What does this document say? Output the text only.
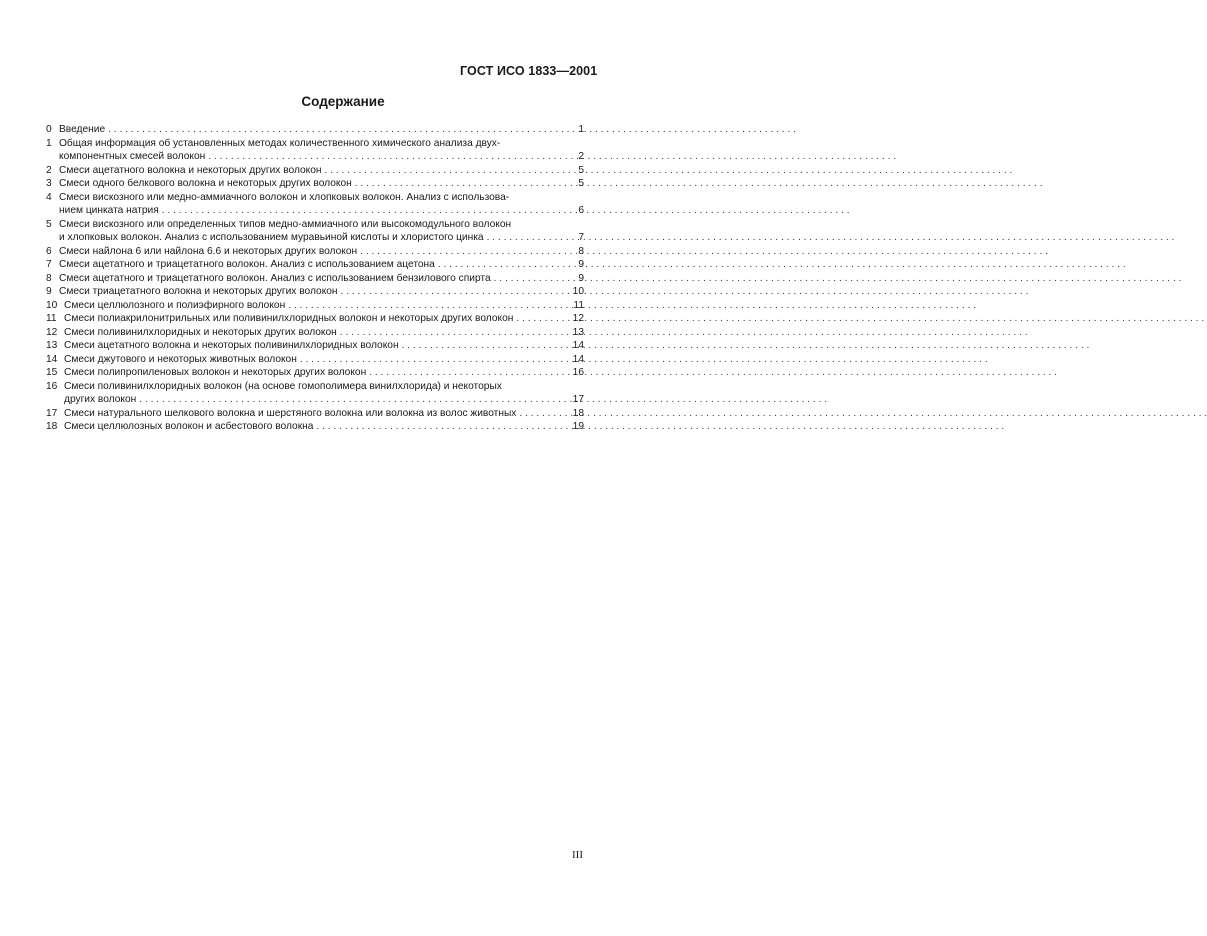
ГОСТ ИСО 1833—2001
Содержание
0 Введение . . .	1
1 Общая информация об установленных методах количественного химического анализа двух-
компонентных смесей волокон . . .	2
2 Смеси ацетатного волокна и некоторых других волокон . . .	5
3 Смеси одного белкового волокна и некоторых других волокон . . .	5
4 Смеси вискозного или медно-аммиачного волокон и хлопковых волокон. Анализ с использова-
нием цинката натрия . . .	6
5 Смеси вискозного или определенных типов медно-аммиачного или высокомодульного волокон
и хлопковых волокон. Анализ с использованием муравьиной кислоты и хлористого цинка . . .	7
6 Смеси найлона 6 или найлона 6.6 и некоторых других волокон . . .	8
7 Смеси ацетатного и триацетатного волокон. Анализ с использованием ацетона . . .	9
8 Смеси ацетатного и триацетатного волокон. Анализ с использованием бензилового спирта . . .	9
9 Смеси триацетатного волокна и некоторых других волокон . . .	10
10 Смеси целлюлозного и полиэфирного волокон . . .	11
11 Смеси полиакрилонитрильных или поливинилхлоридных волокон и некоторых других волокон . . .	12
12 Смеси поливинилхлоридных и некоторых других волокон . . .	13
13 Смеси ацетатного волокна и некоторых поливинилхлоридных волокон . . .	14
14 Смеси джутового и некоторых животных волокон . . .	14
15 Смеси полипропиленовых волокон и некоторых других волокон . . .	16
16 Смеси поливинилхлоридных волокон (на основе гомополимера винилхлорида) и некоторых
других волокон . . .	17
17 Смеси натурального шелкового волокна и шерстяного волокна или волокна из волос животных . . .	18
18 Смеси целлюлозных волокон и асбестового волокна . . .	19
III
